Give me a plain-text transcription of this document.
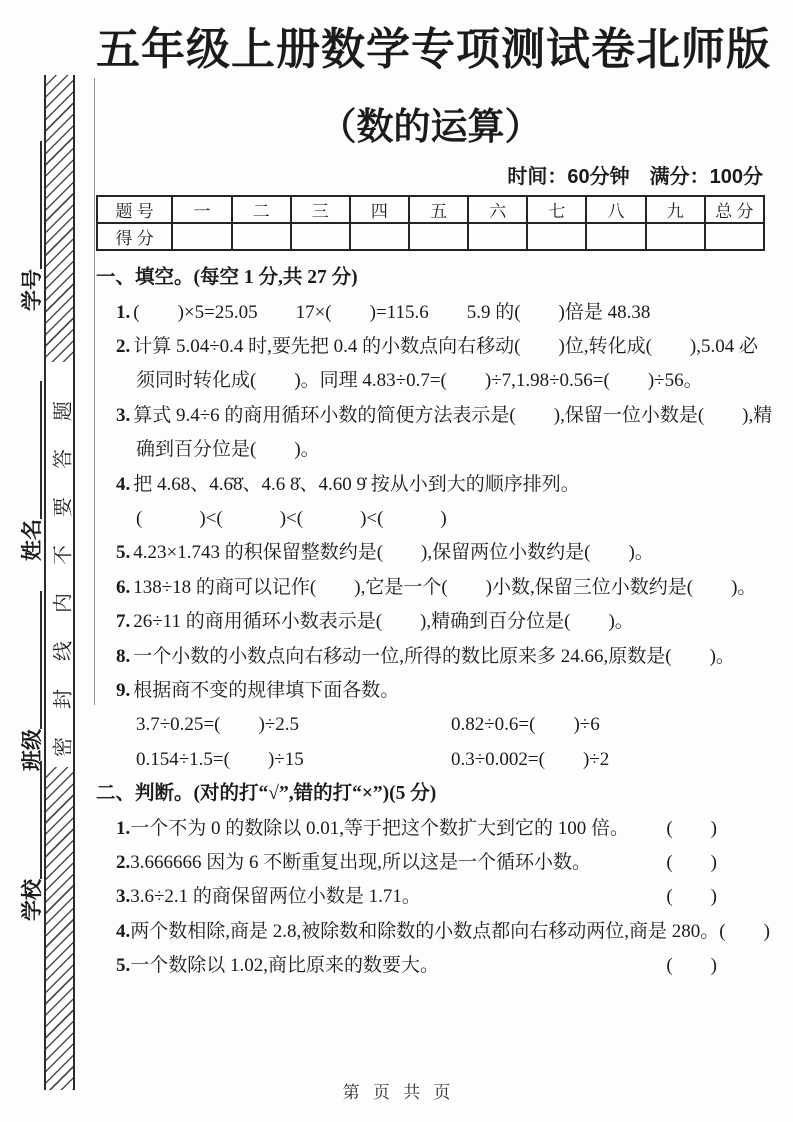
学号
姓名
班级
学校
密封线内不要答题
五年级上册数学专项测试卷北师版
（数的运算）
时间：60分钟　满分：100分
题 号	一	二	三	四	五	六	七	八	九	总 分
得 分										
一、填空。(每空 1 分,共 27 分)
1. (　　)×5=25.05　　17×(　　)=115.6　　5.9 的(　　)倍是 48.38
2. 计算 5.04÷0.4 时,要先把 0.4 的小数点向右移动(　　)位,转化成(　　),5.04 必
须同时转化成(　　)。同理 4.83÷0.7=(　　)÷7,1.98÷0.56=(　　)÷56。
3. 算式 9.4÷6 的商用循环小数的简便方法表示是(　　),保留一位小数是(　　),精
确到百分位是(　　)。
4. 把 4.68、4.6̇8̇、4.6 8̇、4.60 9̇ 按从小到大的顺序排列。
(　　　)<(　　　)<(　　　)<(　　　)
5. 4.23×1.743 的积保留整数约是(　　),保留两位小数约是(　　)。
6. 138÷18 的商可以记作(　　),它是一个(　　)小数,保留三位小数约是(　　)。
7. 26÷11 的商用循环小数表示是(　　),精确到百分位是(　　)。
8. 一个小数的小数点向右移动一位,所得的数比原来多 24.66,原数是(　　)。
9. 根据商不变的规律填下面各数。
3.7÷0.25=(　　)÷2.5	0.82÷0.6=(　　)÷6
0.154÷1.5=(　　)÷15	0.3÷0.002=(　　)÷2
二、判断。(对的打“√”,错的打“×”)(5 分)
1.一个不为 0 的数除以 0.01,等于把这个数扩大到它的 100 倍。	(　　)
2.3.666666 因为 6 不断重复出现,所以这是一个循环小数。	(　　)
3.3.6÷2.1 的商保留两位小数是 1.71。	(　　)
4.两个数相除,商是 2.8,被除数和除数的小数点都向右移动两位,商是 280。 (　　)
5.一个数除以 1.02,商比原来的数要大。	(　　)
第 页 共 页
